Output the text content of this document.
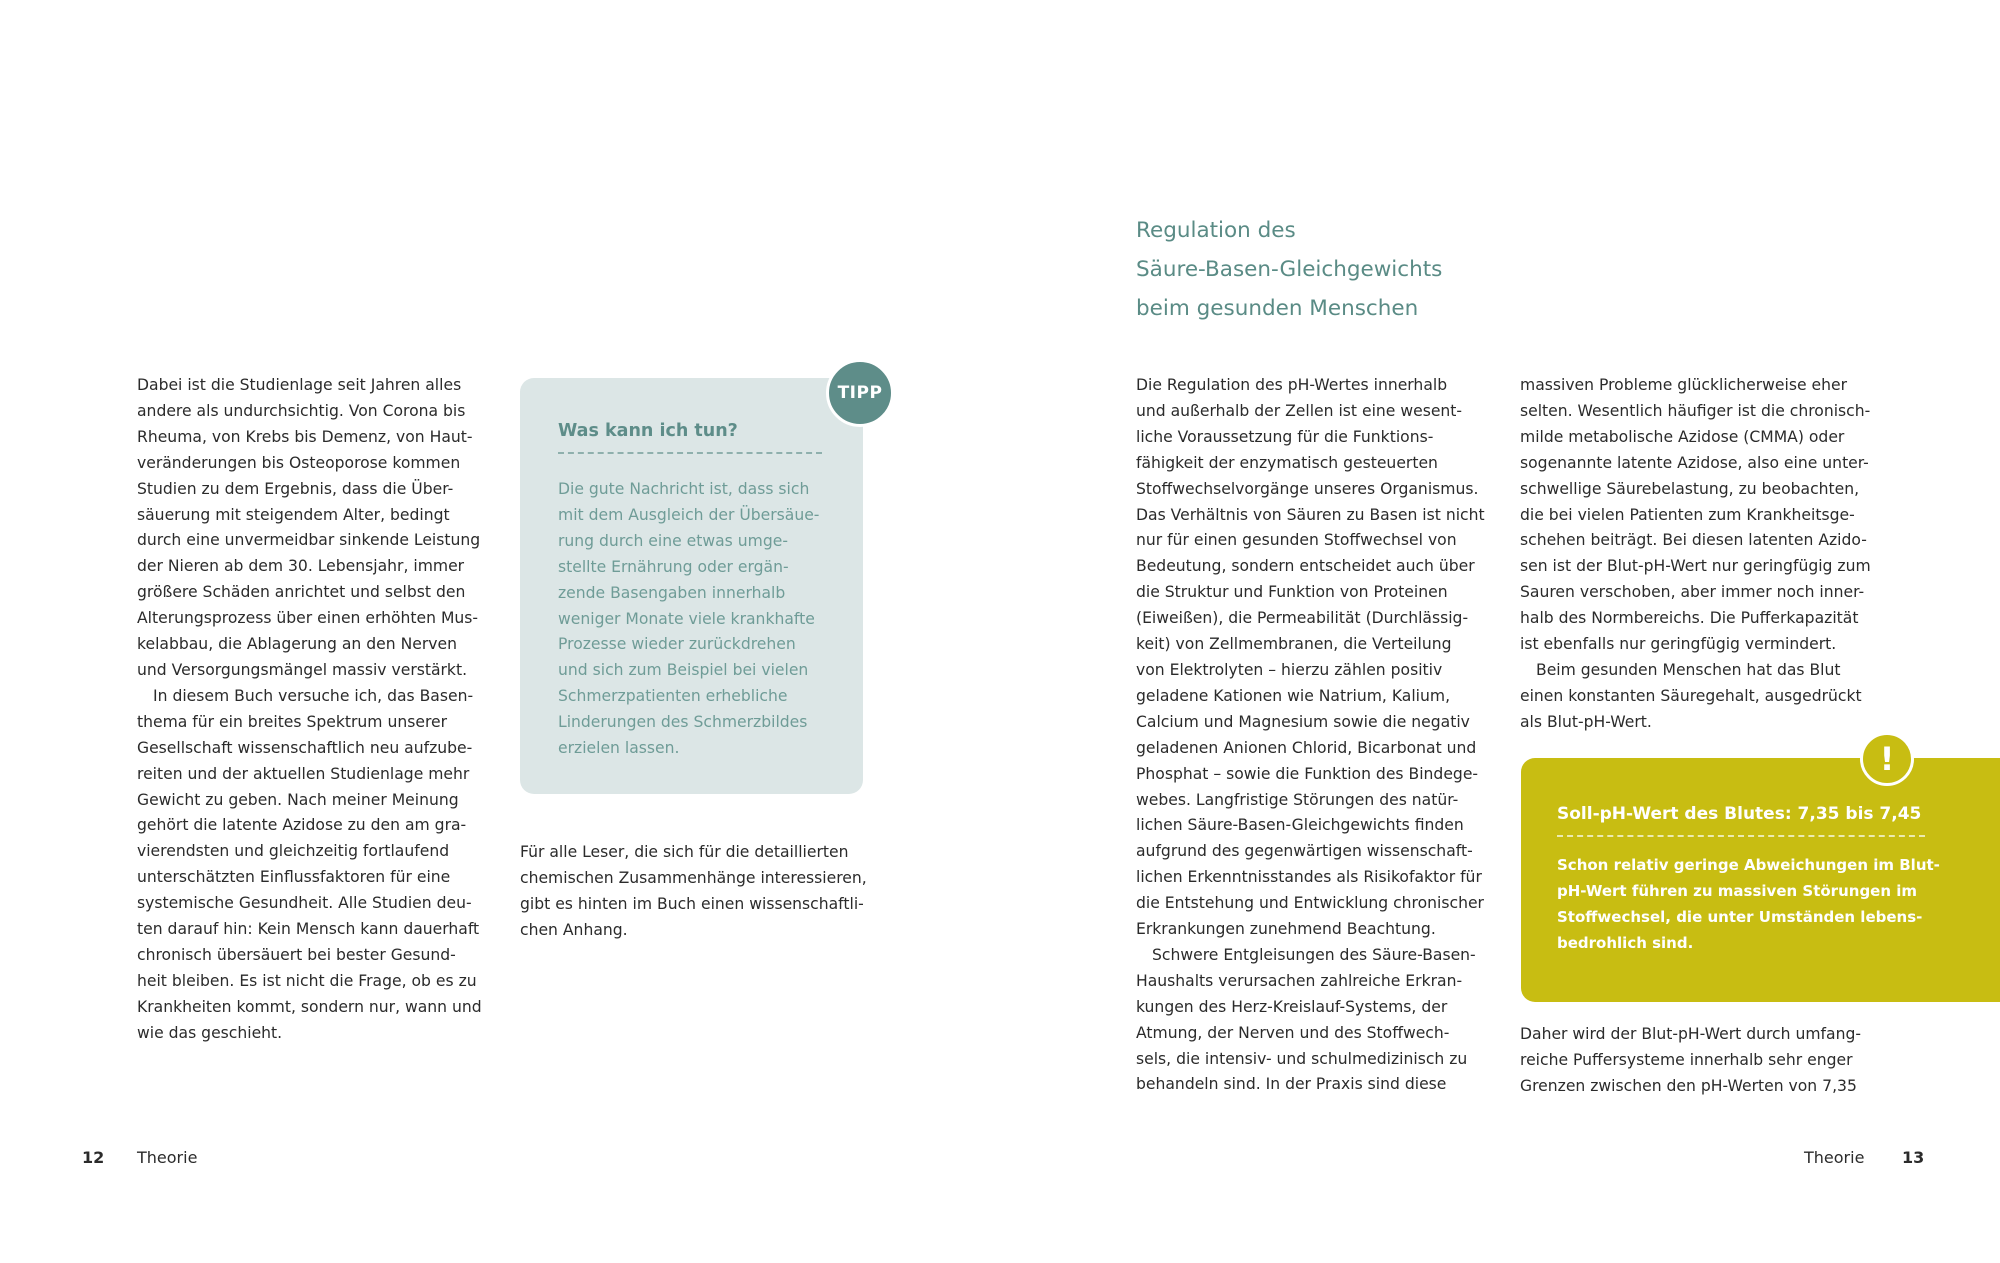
Dabei ist die Studienlage seit Jahren alles
andere als undurchsichtig. Von Corona bis
Rheuma, von Krebs bis Demenz, von Haut-
veränderungen bis Osteoporose kommen
Studien zu dem Ergebnis, dass die Über-
säuerung mit steigendem Alter, bedingt
durch eine unvermeidbar sinkende Leistung
der Nieren ab dem 30. Lebensjahr, immer
größere Schäden anrichtet und selbst den
Alterungsprozess über einen erhöhten Mus-
kelabbau, die Ablagerung an den Nerven
und Versorgungsmängel massiv verstärkt.
In diesem Buch versuche ich, das Basen-
thema für ein breites Spektrum unserer
Gesellschaft wissenschaftlich neu aufzube-
reiten und der aktuellen Studienlage mehr
Gewicht zu geben. Nach meiner Meinung
gehört die latente Azidose zu den am gra-
vierendsten und gleichzeitig fortlaufend
unterschätzten Einflussfaktoren für eine
systemische Gesundheit. Alle Studien deu-
ten darauf hin: Kein Mensch kann dauerhaft
chronisch übersäuert bei bester Gesund-
heit bleiben. Es ist nicht die Frage, ob es zu
Krankheiten kommt, sondern nur, wann und
wie das geschieht.
TIPP
Was kann ich tun?
Die gute Nachricht ist, dass sich
mit dem Ausgleich der Übersäue-
rung durch eine etwas umge-
stellte Ernährung oder ergän-
zende Basengaben innerhalb
weniger Monate viele krankhafte
Prozesse wieder zurückdrehen
und sich zum Beispiel bei vielen
Schmerzpatienten erhebliche
Linderungen des Schmerzbildes
erzielen lassen.
Für alle Leser, die sich für die detaillierten
chemischen Zusammenhänge interessieren,
gibt es hinten im Buch einen wissenschaftli-
chen Anhang.
12 Theorie
Regulation des
Säure-Basen-Gleichgewichts
beim gesunden Menschen
Die Regulation des pH-Wertes innerhalb
und außerhalb der Zellen ist eine wesent-
liche Voraussetzung für die Funktions-
fähigkeit der enzymatisch gesteuerten
Stoffwechselvorgänge unseres Organismus.
Das Verhältnis von Säuren zu Basen ist nicht
nur für einen gesunden Stoffwechsel von
Bedeutung, sondern entscheidet auch über
die Struktur und Funktion von Proteinen
(Eiweißen), die Permeabilität (Durchlässig-
keit) von Zellmembranen, die Verteilung
von Elektrolyten – hierzu zählen positiv
geladene Kationen wie Natrium, Kalium,
Calcium und Magnesium sowie die negativ
geladenen Anionen Chlorid, Bicarbonat und
Phosphat – sowie die Funktion des Bindege-
webes. Langfristige Störungen des natür-
lichen Säure-Basen-Gleichgewichts finden
aufgrund des gegenwärtigen wissenschaft-
lichen Erkenntnisstandes als Risikofaktor für
die Entstehung und Entwicklung chronischer
Erkrankungen zunehmend Beachtung.
Schwere Entgleisungen des Säure-Basen-
Haushalts verursachen zahlreiche Erkran-
kungen des Herz-Kreislauf-Systems, der
Atmung, der Nerven und des Stoffwech-
sels, die intensiv- und schulmedizinisch zu
behandeln sind. In der Praxis sind diese
massiven Probleme glücklicherweise eher
selten. Wesentlich häufiger ist die chronisch-
milde metabolische Azidose (CMMA) oder
sogenannte latente Azidose, also eine unter-
schwellige Säurebelastung, zu beobachten,
die bei vielen Patienten zum Krankheitsge-
schehen beiträgt. Bei diesen latenten Azido-
sen ist der Blut-pH-Wert nur geringfügig zum
Sauren verschoben, aber immer noch inner-
halb des Normbereichs. Die Pufferkapazität
ist ebenfalls nur geringfügig vermindert.
Beim gesunden Menschen hat das Blut
einen konstanten Säuregehalt, ausgedrückt
als Blut-pH-Wert.
!
Soll-pH-Wert des Blutes: 7,35 bis 7,45
Schon relativ geringe Abweichungen im Blut-
pH-Wert führen zu massiven Störungen im
Stoffwechsel, die unter Umständen lebens-
bedrohlich sind.
Daher wird der Blut-pH-Wert durch umfang-
reiche Puffersysteme innerhalb sehr enger
Grenzen zwischen den pH-Werten von 7,35
Theorie 13
